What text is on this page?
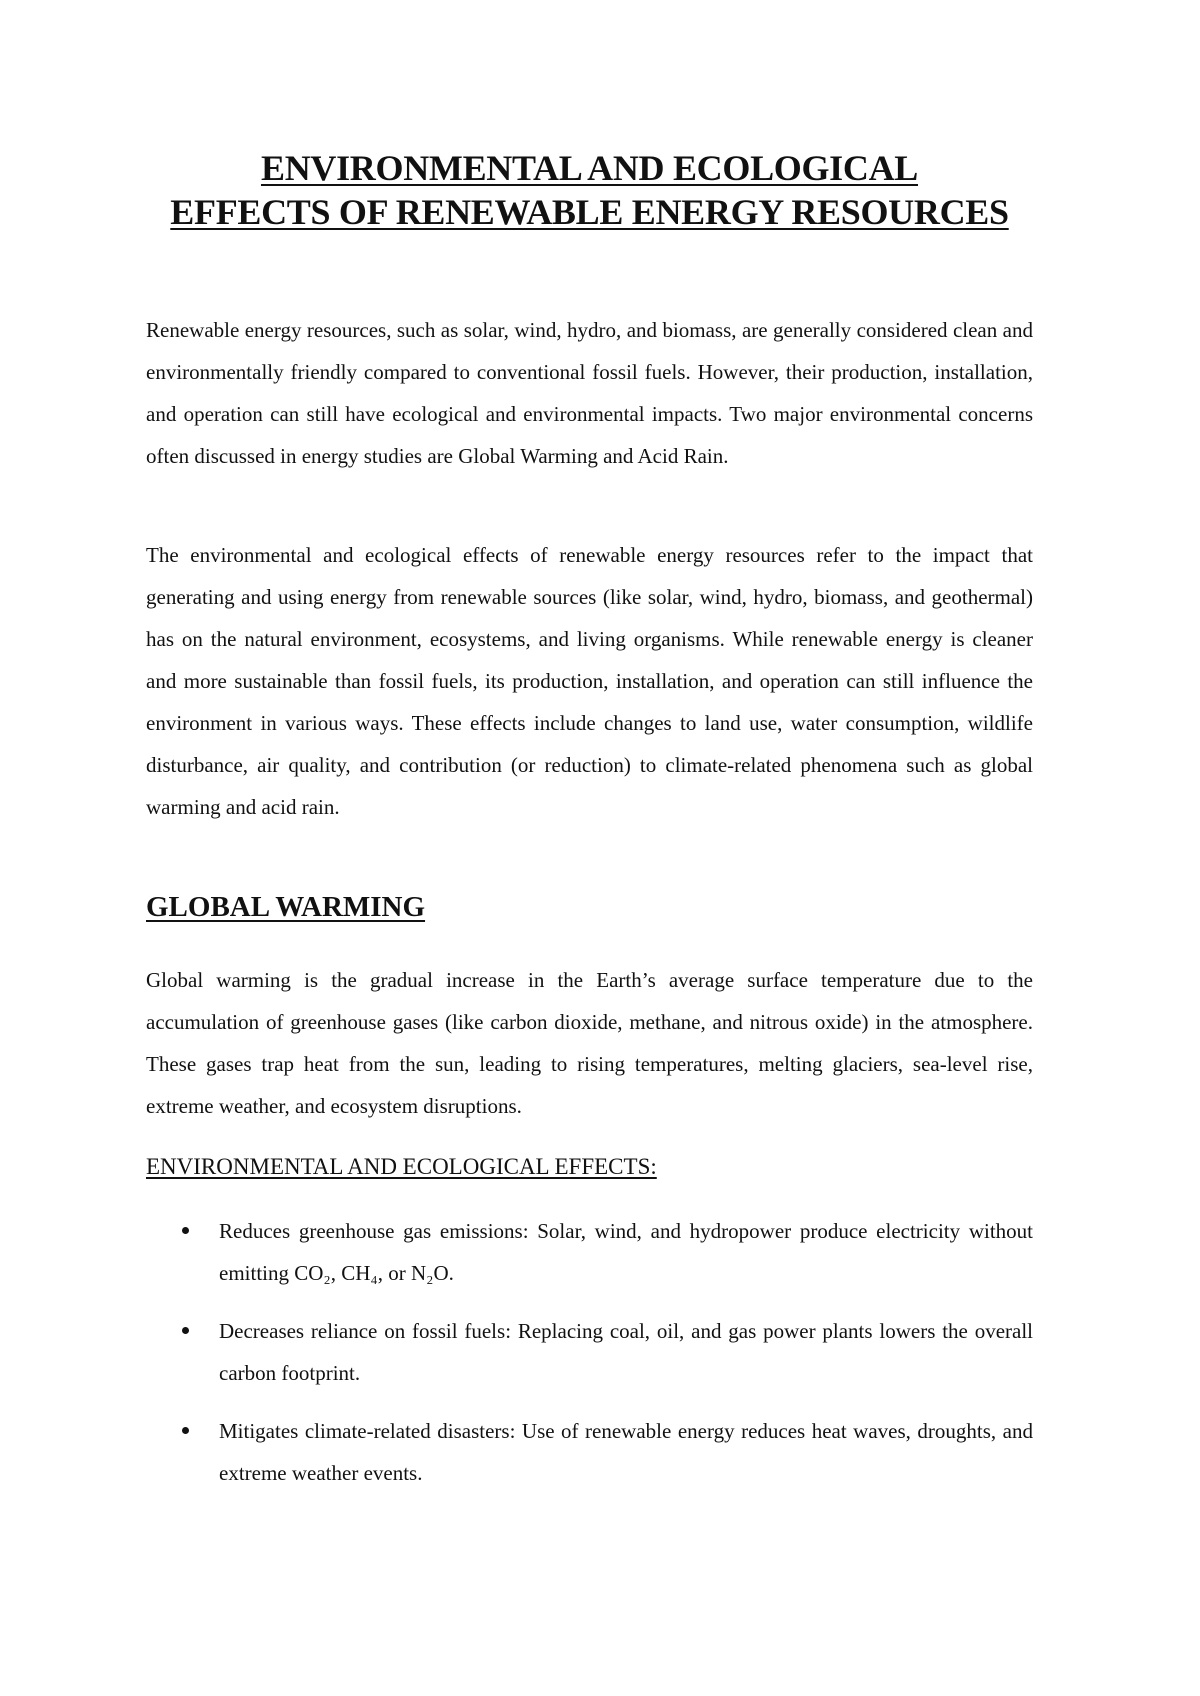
ENVIRONMENTAL AND ECOLOGICAL
EFFECTS OF RENEWABLE ENERGY RESOURCES

Renewable energy resources, such as solar, wind, hydro, and biomass, are generally considered clean and environmentally friendly compared to conventional fossil fuels. However, their production, installation, and operation can still have ecological and environmental impacts. Two major environmental concerns often discussed in energy studies are Global Warming and Acid Rain.

The environmental and ecological effects of renewable energy resources refer to the impact that generating and using energy from renewable sources (like solar, wind, hydro, biomass, and geothermal) has on the natural environment, ecosystems, and living organisms. While renewable energy is cleaner and more sustainable than fossil fuels, its production, installation, and operation can still influence the environment in various ways. These effects include changes to land use, water consumption, wildlife disturbance, air quality, and contribution (or reduction) to climate-related phenomena such as global warming and acid rain.

GLOBAL WARMING

Global warming is the gradual increase in the Earth’s average surface temperature due to the accumulation of greenhouse gases (like carbon dioxide, methane, and nitrous oxide) in the atmosphere. These gases trap heat from the sun, leading to rising temperatures, melting glaciers, sea-level rise, extreme weather, and ecosystem disruptions.

ENVIRONMENTAL AND ECOLOGICAL EFFECTS:
Reduces greenhouse gas emissions: Solar, wind, and hydropower produce electricity without emitting CO₂, CH₄, or N₂O.
Decreases reliance on fossil fuels: Replacing coal, oil, and gas power plants lowers the overall carbon footprint.
Mitigates climate-related disasters: Use of renewable energy reduces heat waves, droughts, and extreme weather events.
